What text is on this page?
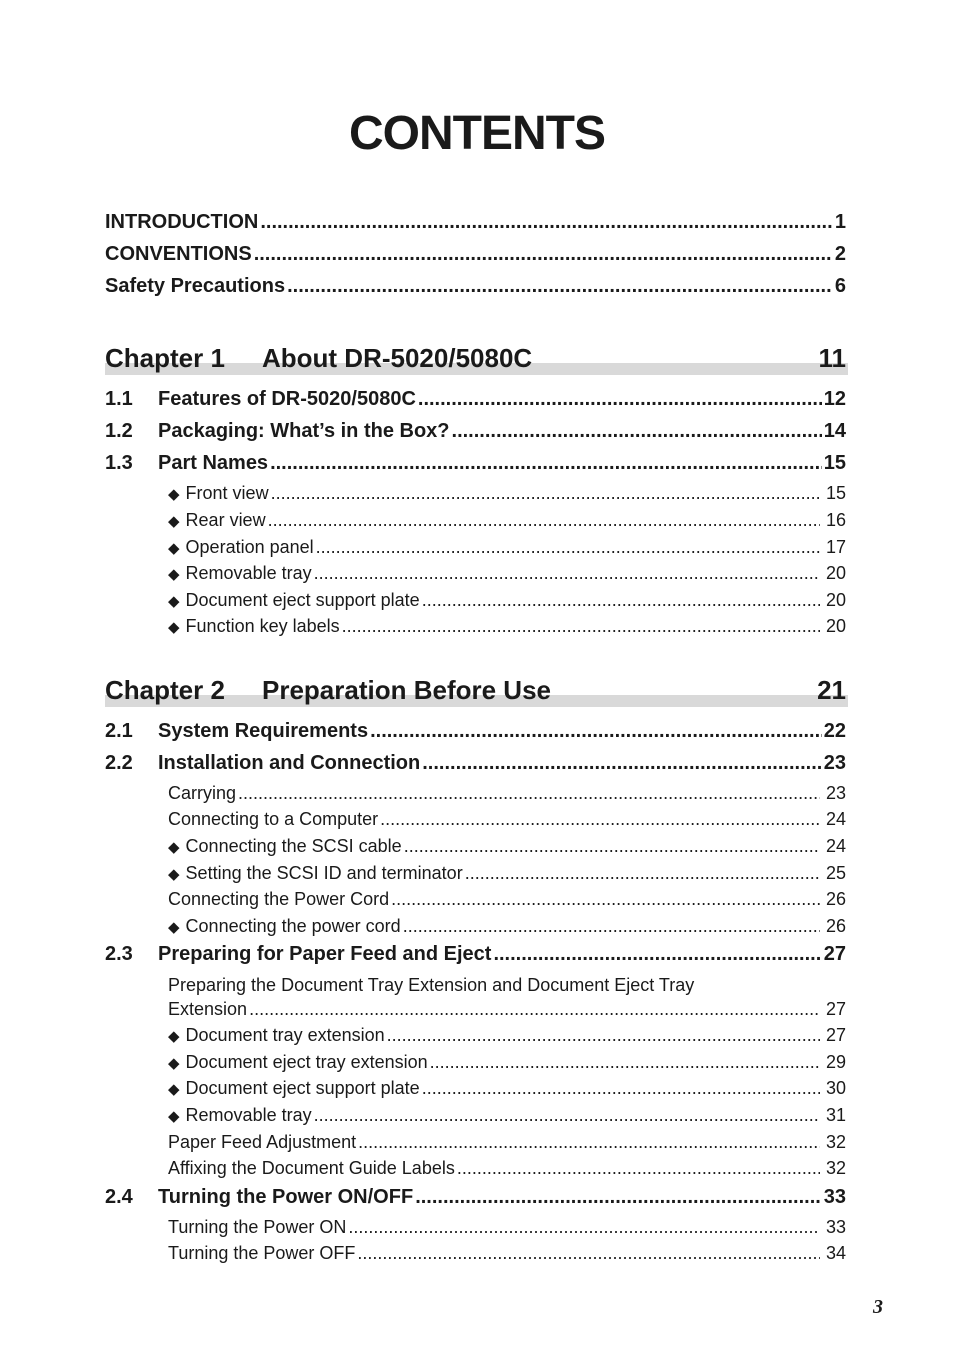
CONTENTS
INTRODUCTION .....	1
CONVENTIONS .....	2
Safety Precautions .....	6
Chapter 1 About DR-5020/5080C	11
1.1	Features of DR-5020/5080C .....	12
1.2	Packaging: What’s in the Box? .....	14
1.3	Part Names .....	15
◆ Front view .....	15
◆ Rear view .....	16
◆ Operation panel .....	17
◆ Removable tray .....	20
◆ Document eject support plate .....	20
◆ Function key labels .....	20
Chapter 2 Preparation Before Use	21
2.1	System Requirements .....	22
2.2	Installation and Connection .....	23
Carrying .....	23
Connecting to a Computer .....	24
◆ Connecting the SCSI cable .....	24
◆ Setting the SCSI ID and terminator .....	25
Connecting the Power Cord .....	26
◆ Connecting the power cord .....	26
2.3	Preparing for Paper Feed and Eject .....	27
Preparing the Document Tray Extension and Document Eject Tray
Extension .....	27
◆ Document tray extension .....	27
◆ Document eject tray extension .....	29
◆ Document eject support plate .....	30
◆ Removable tray .....	31
Paper Feed Adjustment .....	32
Affixing the Document Guide Labels .....	32
2.4	Turning the Power ON/OFF .....	33
Turning the Power ON .....	33
Turning the Power OFF .....	34
3
